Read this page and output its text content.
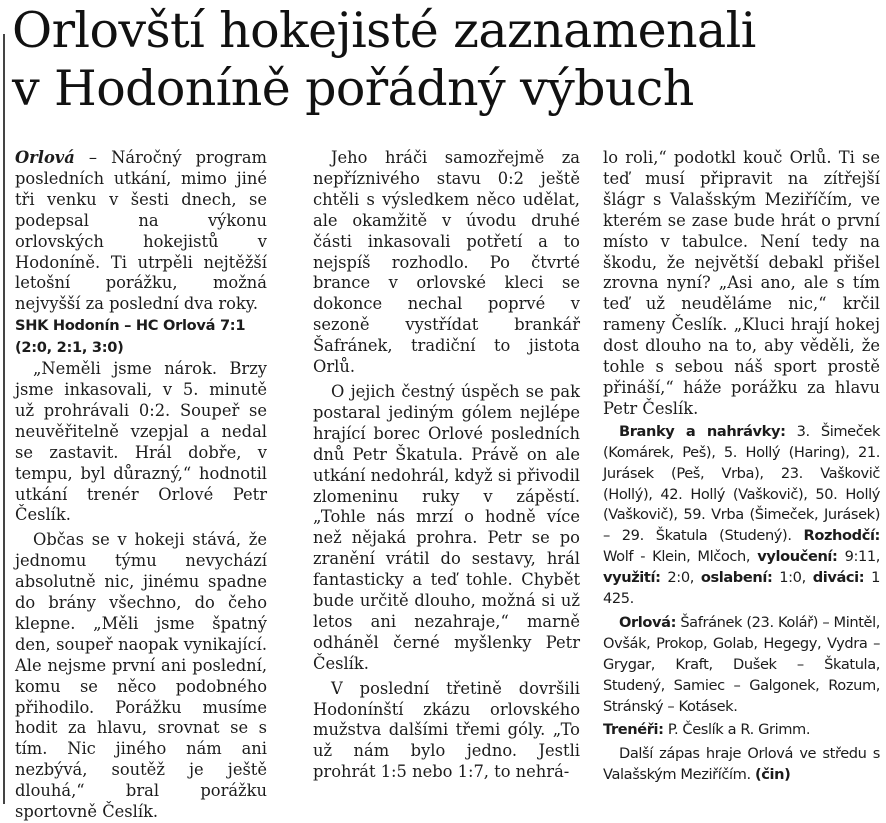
Orlovští hokejisté zaznamenali
v Hodoníně pořádný výbuch

Orlová – Náročný program posledních utkání, mimo jiné tři venku v šesti dnech, se podepsal na výkonu orlovských hokejistů v Hodoníně. Ti utrpěli nejtěžší letošní porážku, možná nejvyšší za poslední dva roky.

SHK Hodonín – HC Orlová 7:1
(2:0, 2:1, 3:0)

„Neměli jsme nárok. Brzy jsme inkasovali, v 5. minutě už prohrávali 0:2. Soupeř se neuvěřitelně vzepjal a nedal se zastavit. Hrál dobře, v tempu, byl důrazný,“ hodnotil utkání trenér Orlové Petr Česlík.

Občas se v hokeji stává, že jednomu týmu nevychází absolutně nic, jinému spadne do brány všechno, do čeho klepne. „Měli jsme špatný den, soupeř naopak vynikající. Ale nejsme první ani poslední, komu se něco podobného přihodilo. Porážku musíme hodit za hlavu, srovnat se s tím. Nic jiného nám ani nezbývá, soutěž je ještě dlouhá,“ bral porážku sportovně Česlík.

Jeho hráči samozřejmě za nepříznivého stavu 0:2 ještě chtěli s výsledkem něco udělat, ale okamžitě v úvodu druhé části inkasovali potřetí a to nejspíš rozhodlo. Po čtvrté brance v orlovské kleci se dokonce nechal poprvé v sezoně vystřídat brankář Šafránek, tradiční to jistota Orlů.

O jejich čestný úspěch se pak postaral jediným gólem nejlépe hrající borec Orlové posledních dnů Petr Škatula. Právě on ale utkání nedohrál, když si přivodil zlomeninu ruky v zápěstí. „Tohle nás mrzí o hodně více než nějaká prohra. Petr se po zranění vrátil do sestavy, hrál fantasticky a teď tohle. Chybět bude určitě dlouho, možná si už letos ani nezahraje,“ marně odháněl černé myšlenky Petr Česlík.

V poslední třetině dovršili Hodonínští zkázu orlovského mužstva dalšími třemi góly. „To už nám bylo jedno. Jestli prohrát 1:5 nebo 1:7, to nehrá-

lo roli,“ podotkl kouč Orlů. Ti se teď musí připravit na zítřejší šlágr s Valašským Meziříčím, ve kterém se zase bude hrát o první místo v tabulce. Není tedy na škodu, že největší debakl přišel zrovna nyní? „Asi ano, ale s tím teď už neuděláme nic,“ krčil rameny Česlík. „Kluci hrají hokej dost dlouho na to, aby věděli, že tohle s sebou náš sport prostě přináší,“ háže porážku za hlavu Petr Česlík.

Branky a nahrávky: 3. Šimeček (Komárek, Peš), 5. Hollý (Haring), 21. Jurásek (Peš, Vrba), 23. Vaškovič (Hollý), 42. Hollý (Vaškovič), 50. Hollý (Vaškovič), 59. Vrba (Šimeček, Jurásek) – 29. Škatula (Studený). Rozhodčí: Wolf - Klein, Mlčoch, vyloučení: 9:11, využití: 2:0, oslabení: 1:0, diváci: 1 425.

Orlová: Šafránek (23. Kolář) – Mintěl, Ovšák, Prokop, Golab, Hegegy, Vydra – Grygar, Kraft, Dušek – Škatula, Studený, Samiec – Galgonek, Rozum, Stránský – Kotásek.

Trenéři: P. Česlík a R. Grimm.

Další zápas hraje Orlová ve středu s Valašským Meziříčím. (čin)
